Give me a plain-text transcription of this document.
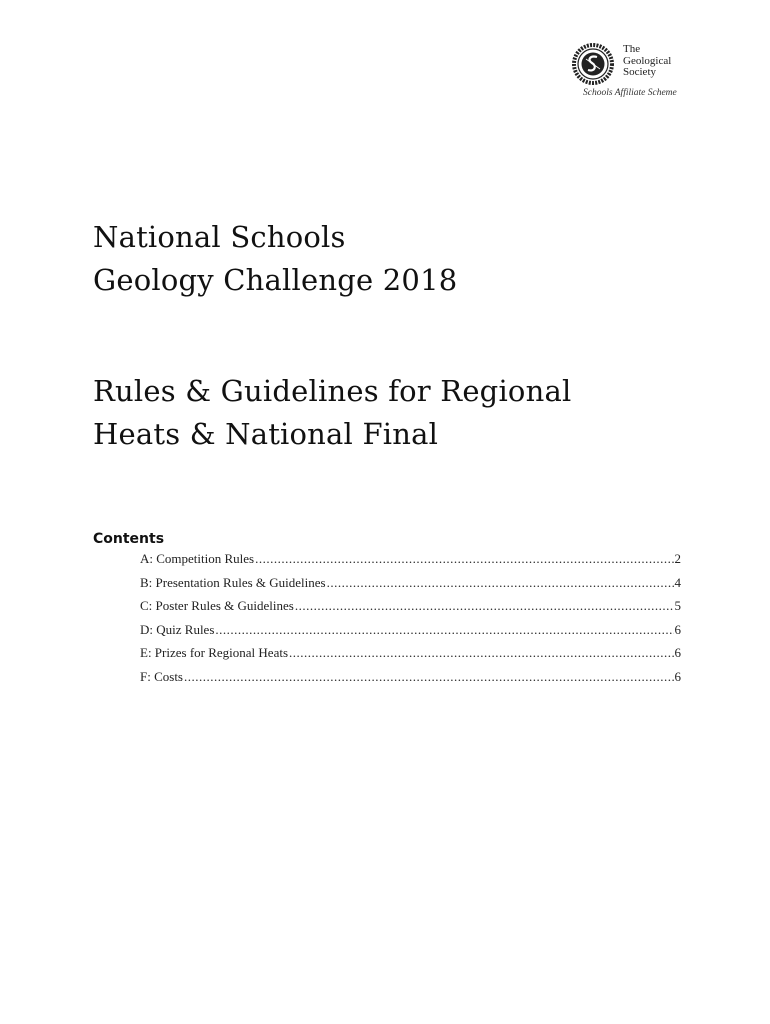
The
Geological
Society
Schools Affiliate Scheme
National Schools
Geology Challenge 2018
Rules & Guidelines for Regional
Heats & National Final
Contents
A: Competition Rules .....	2
B: Presentation Rules & Guidelines .....	4
C: Poster Rules & Guidelines .....	5
D: Quiz Rules .....	6
E: Prizes for Regional Heats .....	6
F: Costs .....	6
